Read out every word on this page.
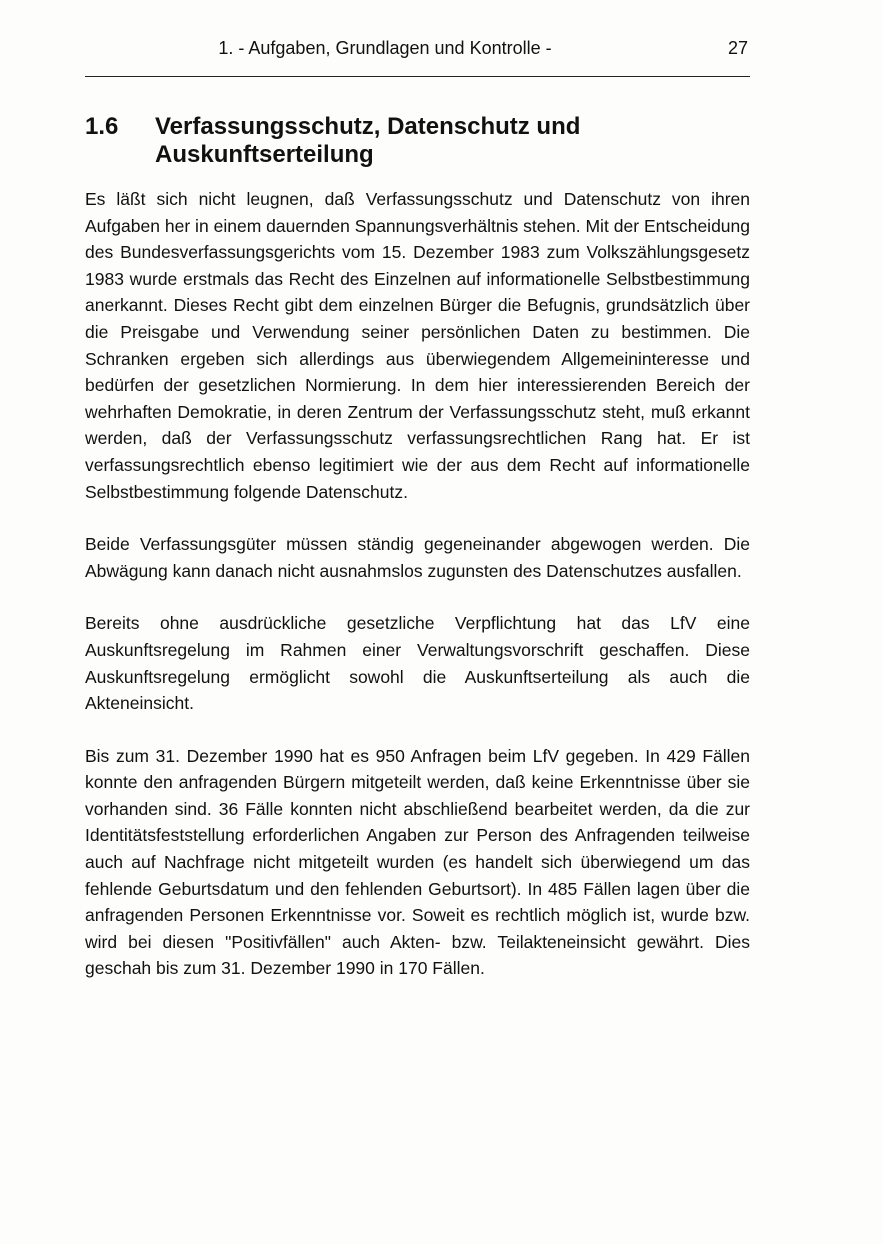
1. - Aufgaben, Grundlagen und Kontrolle -	27
1.6	Verfassungsschutz, Datenschutz und Auskunftserteilung

Es läßt sich nicht leugnen, daß Verfassungsschutz und Datenschutz von ihren Aufgaben her in einem dauernden Spannungsverhältnis stehen. Mit der Entscheidung des Bundesverfassungsgerichts vom 15. Dezember 1983 zum Volkszählungsgesetz 1983 wurde erstmals das Recht des Einzelnen auf informationelle Selbstbestimmung anerkannt. Dieses Recht gibt dem einzelnen Bürger die Befugnis, grundsätzlich über die Preisgabe und Verwendung seiner persönlichen Daten zu bestimmen. Die Schranken ergeben sich allerdings aus überwiegendem Allgemeininteresse und bedürfen der gesetzlichen Normierung. In dem hier interessierenden Bereich der wehrhaften Demokratie, in deren Zentrum der Verfassungsschutz steht, muß erkannt werden, daß der Verfassungsschutz verfassungsrechtlichen Rang hat. Er ist verfassungsrechtlich ebenso legitimiert wie der aus dem Recht auf informationelle Selbstbestimmung folgende Datenschutz.

Beide Verfassungsgüter müssen ständig gegeneinander abgewogen werden. Die Abwägung kann danach nicht ausnahmslos zugunsten des Datenschutzes ausfallen.

Bereits ohne ausdrückliche gesetzliche Verpflichtung hat das LfV eine Auskunftsregelung im Rahmen einer Verwaltungsvorschrift geschaffen. Diese Auskunftsregelung ermöglicht sowohl die Auskunftserteilung als auch die Akteneinsicht.

Bis zum 31. Dezember 1990 hat es 950 Anfragen beim LfV gegeben. In 429 Fällen konnte den anfragenden Bürgern mitgeteilt werden, daß keine Erkenntnisse über sie vorhanden sind. 36 Fälle konnten nicht abschließend bearbeitet werden, da die zur Identitätsfeststellung erforderlichen Angaben zur Person des Anfragenden teilweise auch auf Nachfrage nicht mitgeteilt wurden (es handelt sich überwiegend um das fehlende Geburtsdatum und den fehlenden Geburtsort). In 485 Fällen lagen über die anfragenden Personen Erkenntnisse vor. Soweit es rechtlich möglich ist, wurde bzw. wird bei diesen "Positivfällen" auch Akten- bzw. Teilakteneinsicht gewährt. Dies geschah bis zum 31. Dezember 1990 in 170 Fällen.
